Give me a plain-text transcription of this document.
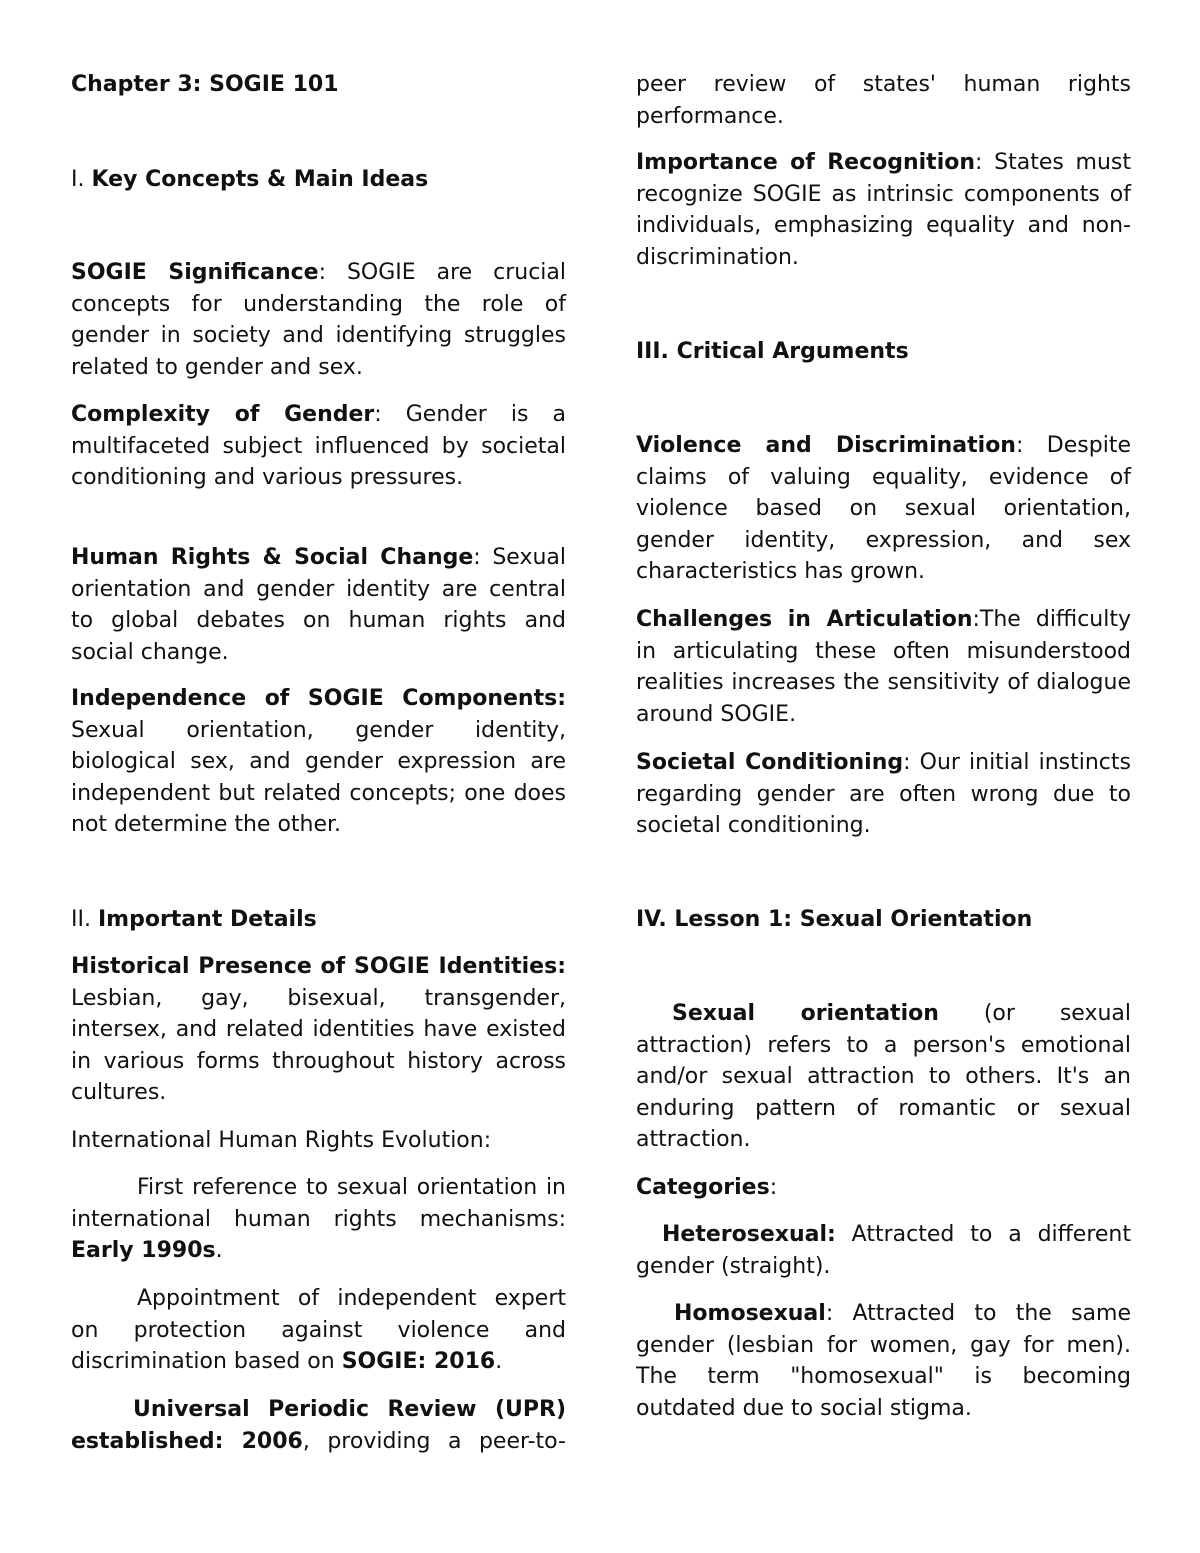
Chapter 3: SOGIE 101

I. Key Concepts & Main Ideas

SOGIE Significance: SOGIE are crucial concepts for understanding the role of gender in society and identifying struggles related to gender and sex.

Complexity of Gender: Gender is a multifaceted subject influenced by societal conditioning and various pressures.

Human Rights & Social Change: Sexual orientation and gender identity are central to global debates on human rights and social change.

Independence of SOGIE Components: Sexual orientation, gender identity, biological sex, and gender expression are independent but related concepts; one does not determine the other.

II. Important Details

Historical Presence of SOGIE Identities: Lesbian, gay, bisexual, transgender, intersex, and related identities have existed in various forms throughout history across cultures.

International Human Rights Evolution:

First reference to sexual orientation in international human rights mechanisms: Early 1990s.

Appointment of independent expert on protection against violence and discrimination based on SOGIE: 2016.

Universal Periodic Review (UPR) established: 2006, providing a peer-to-

peer review of states' human rights performance.

Importance of Recognition: States must recognize SOGIE as intrinsic components of individuals, emphasizing equality and non-discrimination.

III. Critical Arguments

Violence and Discrimination: Despite claims of valuing equality, evidence of violence based on sexual orientation, gender identity, expression, and sex characteristics has grown.

Challenges in Articulation:The difficulty in articulating these often misunderstood realities increases the sensitivity of dialogue around SOGIE.

Societal Conditioning: Our initial instincts regarding gender are often wrong due to societal conditioning.

IV. Lesson 1: Sexual Orientation

Sexual orientation (or sexual attraction) refers to a person's emotional and/or sexual attraction to others. It's an enduring pattern of romantic or sexual attraction.

Categories:

Heterosexual: Attracted to a different gender (straight).

Homosexual: Attracted to the same gender (lesbian for women, gay for men). The term "homosexual" is becoming outdated due to social stigma.
